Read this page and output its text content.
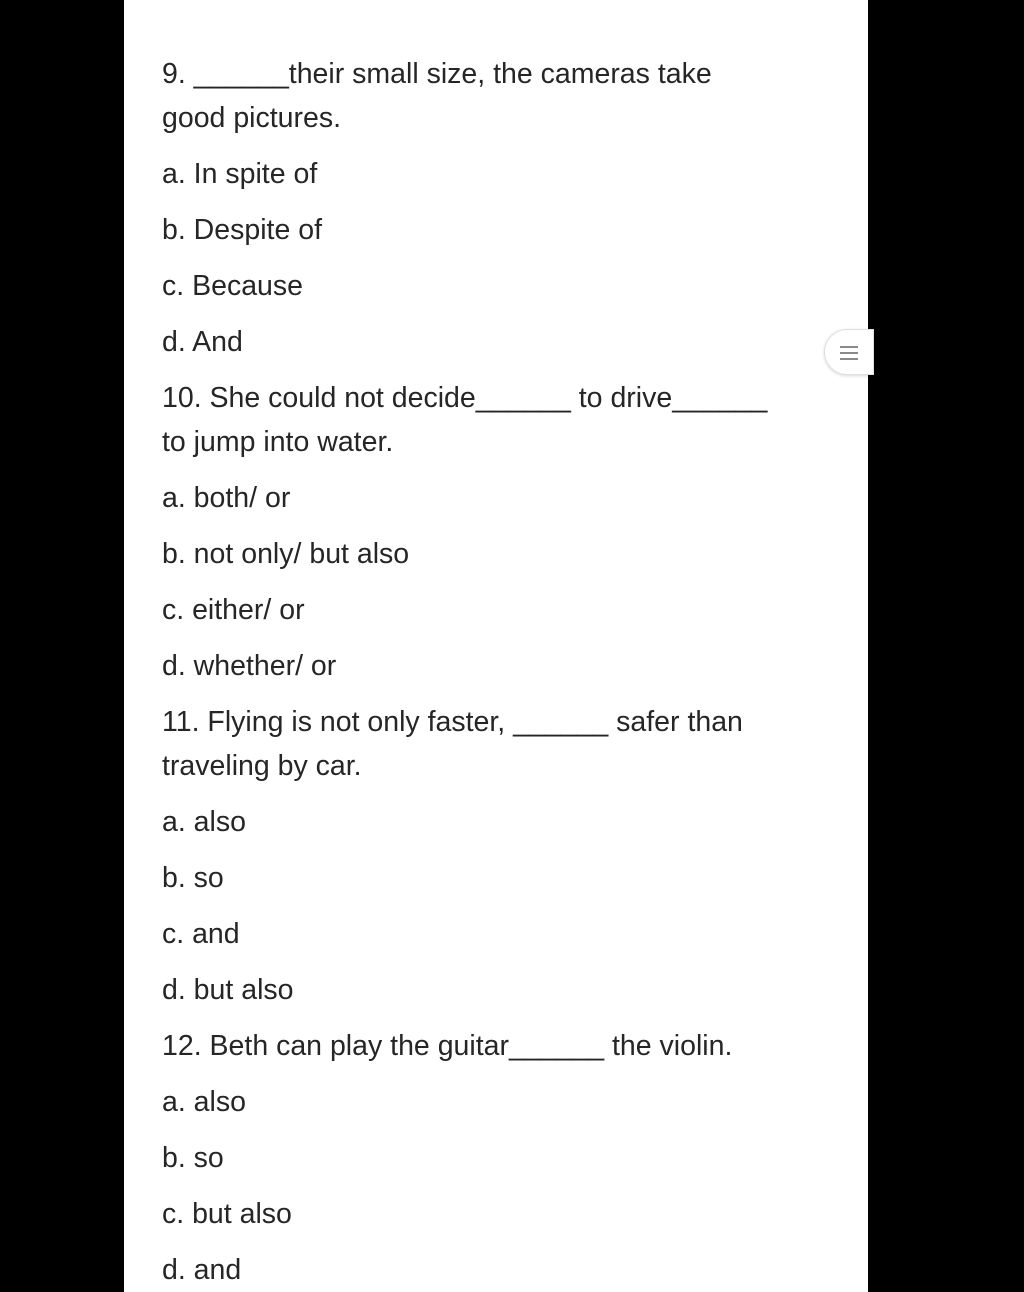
9. ______their small size, the cameras take
good pictures.
a. In spite of
b. Despite of
c. Because
d. And
10. She could not decide______ to drive______
to jump into water.
a. both/ or
b. not only/ but also
c. either/ or
d. whether/ or
11. Flying is not only faster, ______ safer than
traveling by car.
a. also
b. so
c. and
d. but also
12. Beth can play the guitar______ the violin.
a. also
b. so
c. but also
d. and
